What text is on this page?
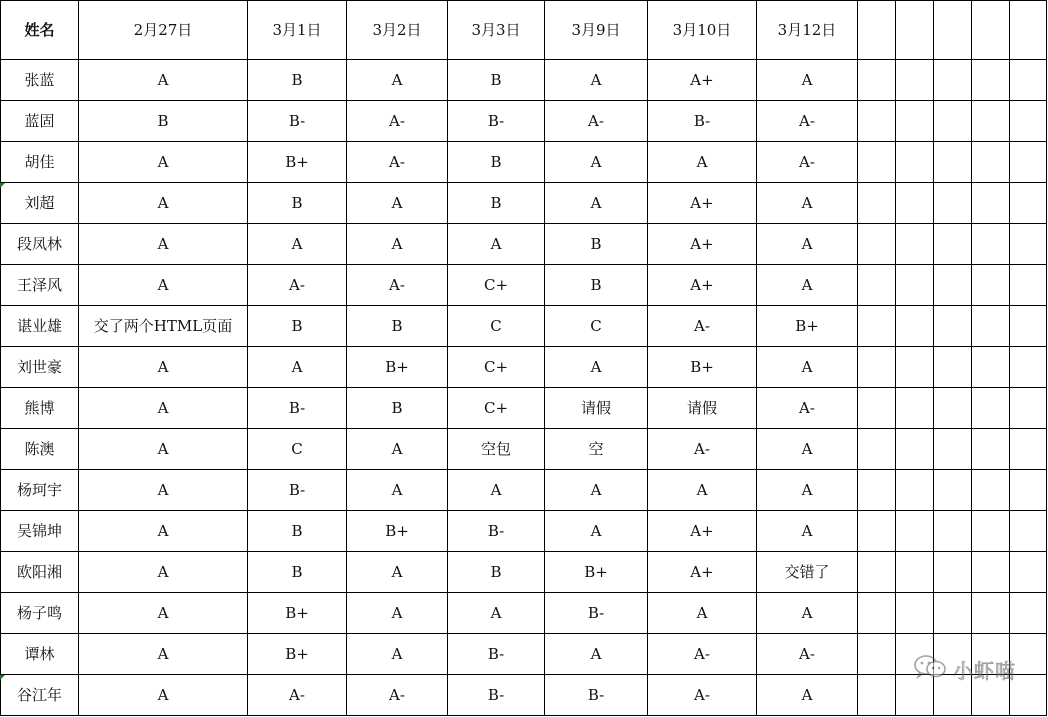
姓名	2月27日	3月1日	3月2日	3月3日	3月9日	3月10日	3月12日					
张蓝	A	B	A	B	A	A+	A					
蓝固	B	B-	A-	B-	A-	B-	A-					
胡佳	A	B+	A-	B	A	A	A-					
刘超	A	B	A	B	A	A+	A					
段凤林	A	A	A	A	B	A+	A					
王泽风	A	A-	A-	C+	B	A+	A					
谌业雄	交了两个HTML页面	B	B	C	C	A-	B+					
刘世豪	A	A	B+	C+	A	B+	A					
熊博	A	B-	B	C+	请假	请假	A-					
陈澳	A	C	A	空包	空	A-	A					
杨珂宇	A	B-	A	A	A	A	A					
吴锦坤	A	B	B+	B-	A	A+	A					
欧阳湘	A	B	A	B	B+	A+	交错了					
杨子鸣	A	B+	A	A	B-	A	A					
谭林	A	B+	A	B-	A	A-	A-					
谷江年	A	A-	A-	B-	B-	A-	A					
小虾喵
